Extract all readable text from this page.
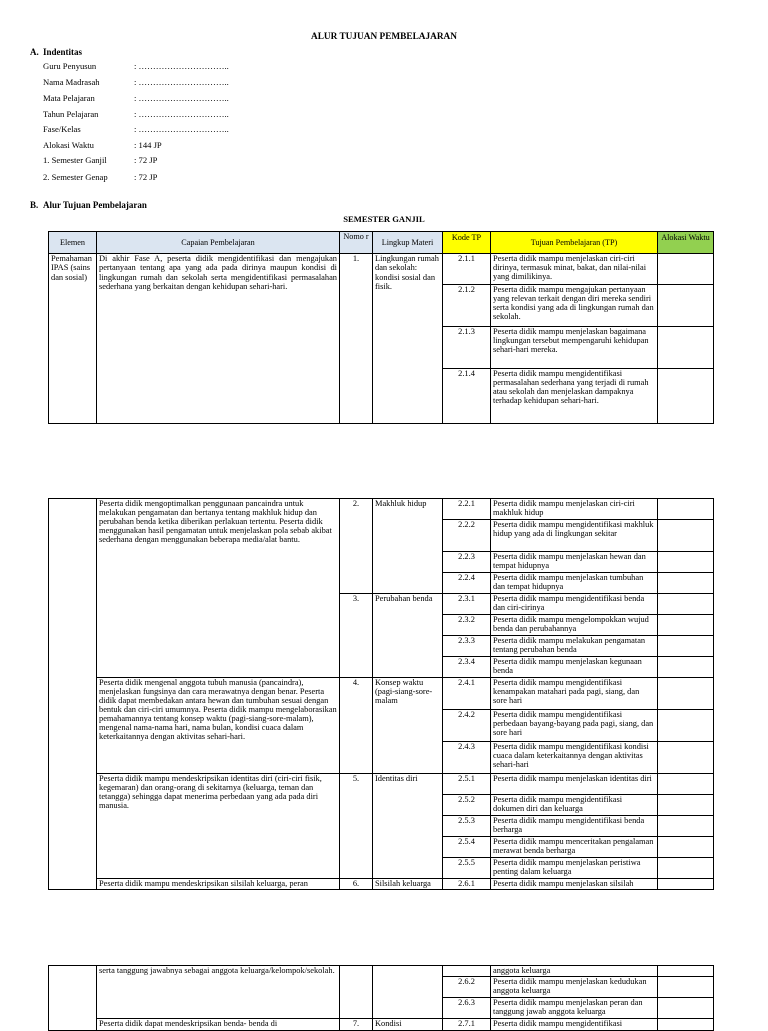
ALUR TUJUAN PEMBELAJARAN
A. Indentitas
Guru Penyusun	: …………………………..
Nama Madrasah	: …………………………..
Mata Pelajaran	: …………………………..
Tahun Pelajaran	: …………………………..
Fase/Kelas	: …………………………..
Alokasi Waktu	: 144 JP
1. Semester Ganjil	: 72 JP
2. Semester Genap	: 72 JP
B. Alur Tujuan Pembelajaran
SEMESTER GANJIL
Elemen	Capaian Pembelajaran	Nomo r	Lingkup Materi	Kode TP	Tujuan Pembelajaran (TP)	Alokasi Waktu
Pemahaman IPAS (sains dan sosial)	Di akhir Fase A, peserta didik mengidentifikasi dan mengajukan pertanyaan tentang apa yang ada pada dirinya maupun kondisi di lingkungan rumah dan sekolah serta mengidentifikasi permasalahan sederhana yang berkaitan dengan kehidupan sehari-hari.	1.	Lingkungan rumah dan sekolah: kondisi sosial dan fisik.	2.1.1	Peserta didik mampu menjelaskan ciri-ciri dirinya, termasuk minat, bakat, dan nilai-nilai yang dimilikinya.	
				2.1.2	Peserta didik mampu mengajukan pertanyaan yang relevan terkait dengan diri mereka sendiri serta kondisi yang ada di lingkungan rumah dan sekolah.	
				2.1.3	Peserta didik mampu menjelaskan bagaimana lingkungan tersebut mempengaruhi kehidupan sehari-hari mereka.	
				2.1.4	Peserta didik mampu mengidentifikasi permasalahan sederhana yang terjadi di rumah atau sekolah dan menjelaskan dampaknya terhadap kehidupan sehari-hari.	
	Peserta didik mengoptimalkan penggunaan pancaindra untuk melakukan pengamatan dan bertanya tentang makhluk hidup dan perubahan benda ketika diberikan perlakuan tertentu. Peserta didik menggunakan hasil pengamatan untuk menjelaskan pola sebab akibat sederhana dengan menggunakan beberapa media/alat bantu.	2.	Makhluk hidup	2.2.1	Peserta didik mampu menjelaskan ciri-ciri makhluk hidup	
				2.2.2	Peserta didik mampu mengidentifikasi makhluk hidup yang ada di lingkungan sekitar	
				2.2.3	Peserta didik mampu menjelaskan hewan dan tempat hidupnya	
				2.2.4	Peserta didik mampu menjelaskan tumbuhan dan tempat hidupnya	
		3.	Perubahan benda	2.3.1	Peserta didik mampu mengidentifikasi benda dan ciri-cirinya	
				2.3.2	Peserta didik mampu mengelompokkan wujud benda dan perubahannya	
				2.3.3	Peserta didik mampu melakukan pengamatan tentang perubahan benda	
				2.3.4	Peserta didik mampu menjelaskan kegunaan benda	
	Peserta didik mengenal anggota tubuh manusia (pancaindra), menjelaskan fungsinya dan cara merawatnya dengan benar. Peserta didik dapat membedakan antara hewan dan tumbuhan sesuai dengan bentuk dan ciri-ciri umumnya. Peserta didik mampu mengelaborasikan pemahamannya tentang konsep waktu (pagi-siang-sore-malam), mengenal nama-nama hari, nama bulan, kondisi cuaca dalam keterkaitannya dengan aktivitas sehari-hari.	4.	Konsep waktu (pagi-siang-sore-malam	2.4.1	Peserta didik mampu mengidentifikasi kenampakan matahari pada pagi, siang, dan sore hari	
				2.4.2	Peserta didik mampu mengidentifikasi perbedaan bayang-bayang pada pagi, siang, dan sore hari	
				2.4.3	Peserta didik mampu mengidentifikasi kondisi cuaca dalam keterkaitannya dengan aktivitas sehari-hari	
	Peserta didik mampu mendeskripsikan identitas diri (ciri-ciri fisik, kegemaran) dan orang-orang di sekitarnya (keluarga, teman dan tetangga) sehingga dapat menerima perbedaan yang ada pada diri manusia.	5.	Identitas diri	2.5.1	Peserta didik mampu menjelaskan identitas diri	
				2.5.2	Peserta didik mampu mengidentifikasi dokumen diri dan keluarga	
				2.5.3	Peserta didik mampu mengidentifikasi benda berharga	
				2.5.4	Peserta didik mampu menceritakan pengalaman merawat benda berharga	
				2.5.5	Peserta didik mampu menjelaskan peristiwa penting dalam keluarga	
	Peserta didik mampu mendeskripsikan silsilah keluarga, peran	6.	Silsilah keluarga	2.6.1	Peserta didik mampu menjelaskan silsilah	
	serta tanggung jawabnya sebagai anggota keluarga/kelompok/sekolah.				anggota keluarga	
				2.6.2	Peserta didik mampu menjelaskan kedudukan anggota keluarga	
				2.6.3	Peserta didik mampu menjelaskan peran dan tanggung jawab anggota keluarga	
	Peserta didik dapat mendeskripsikan benda- benda di	7.	Kondisi	2.7.1	Peserta didik mampu mengidentifikasi	
